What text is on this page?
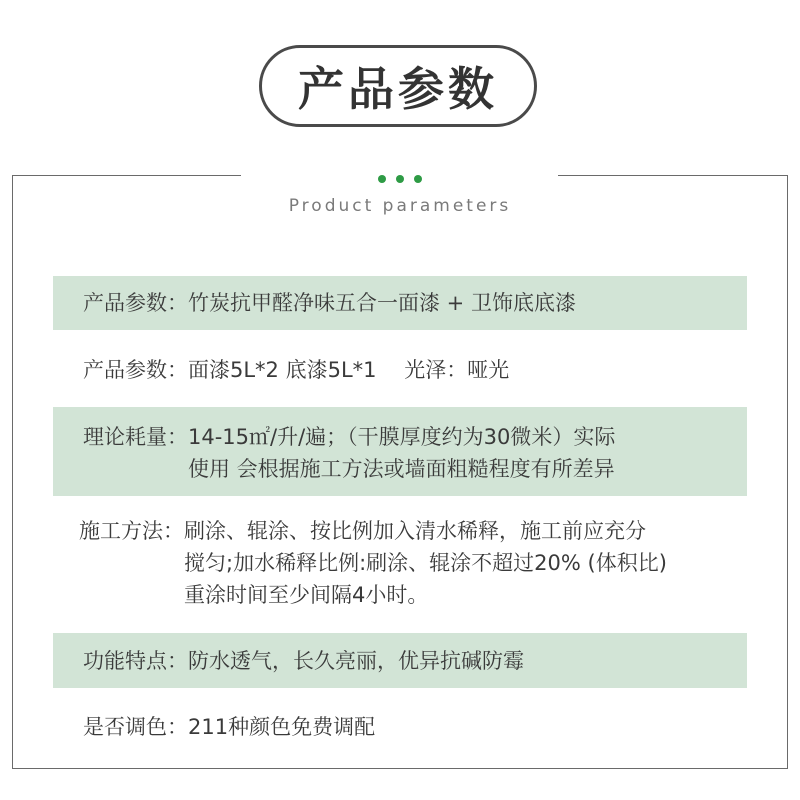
产品参数
Product parameters
产品参数： 竹炭抗甲醛净味五合一面漆 + 卫饰底底漆
产品参数： 面漆5L*2 底漆5L*1　 光泽：哑光
理论耗量： 14-15㎡/升/遍；（干膜厚度约为30微米）实际
使用 会根据施工方法或墙面粗糙程度有所差异
施工方法： 刷涂、辊涂、按比例加入清水稀释，施工前应充分
搅匀;加水稀释比例:刷涂、辊涂不超过20% (体积比)
重涂时间至少间隔4小时。
功能特点： 防水透气，长久亮丽，优异抗碱防霉
是否调色： 211种颜色免费调配
